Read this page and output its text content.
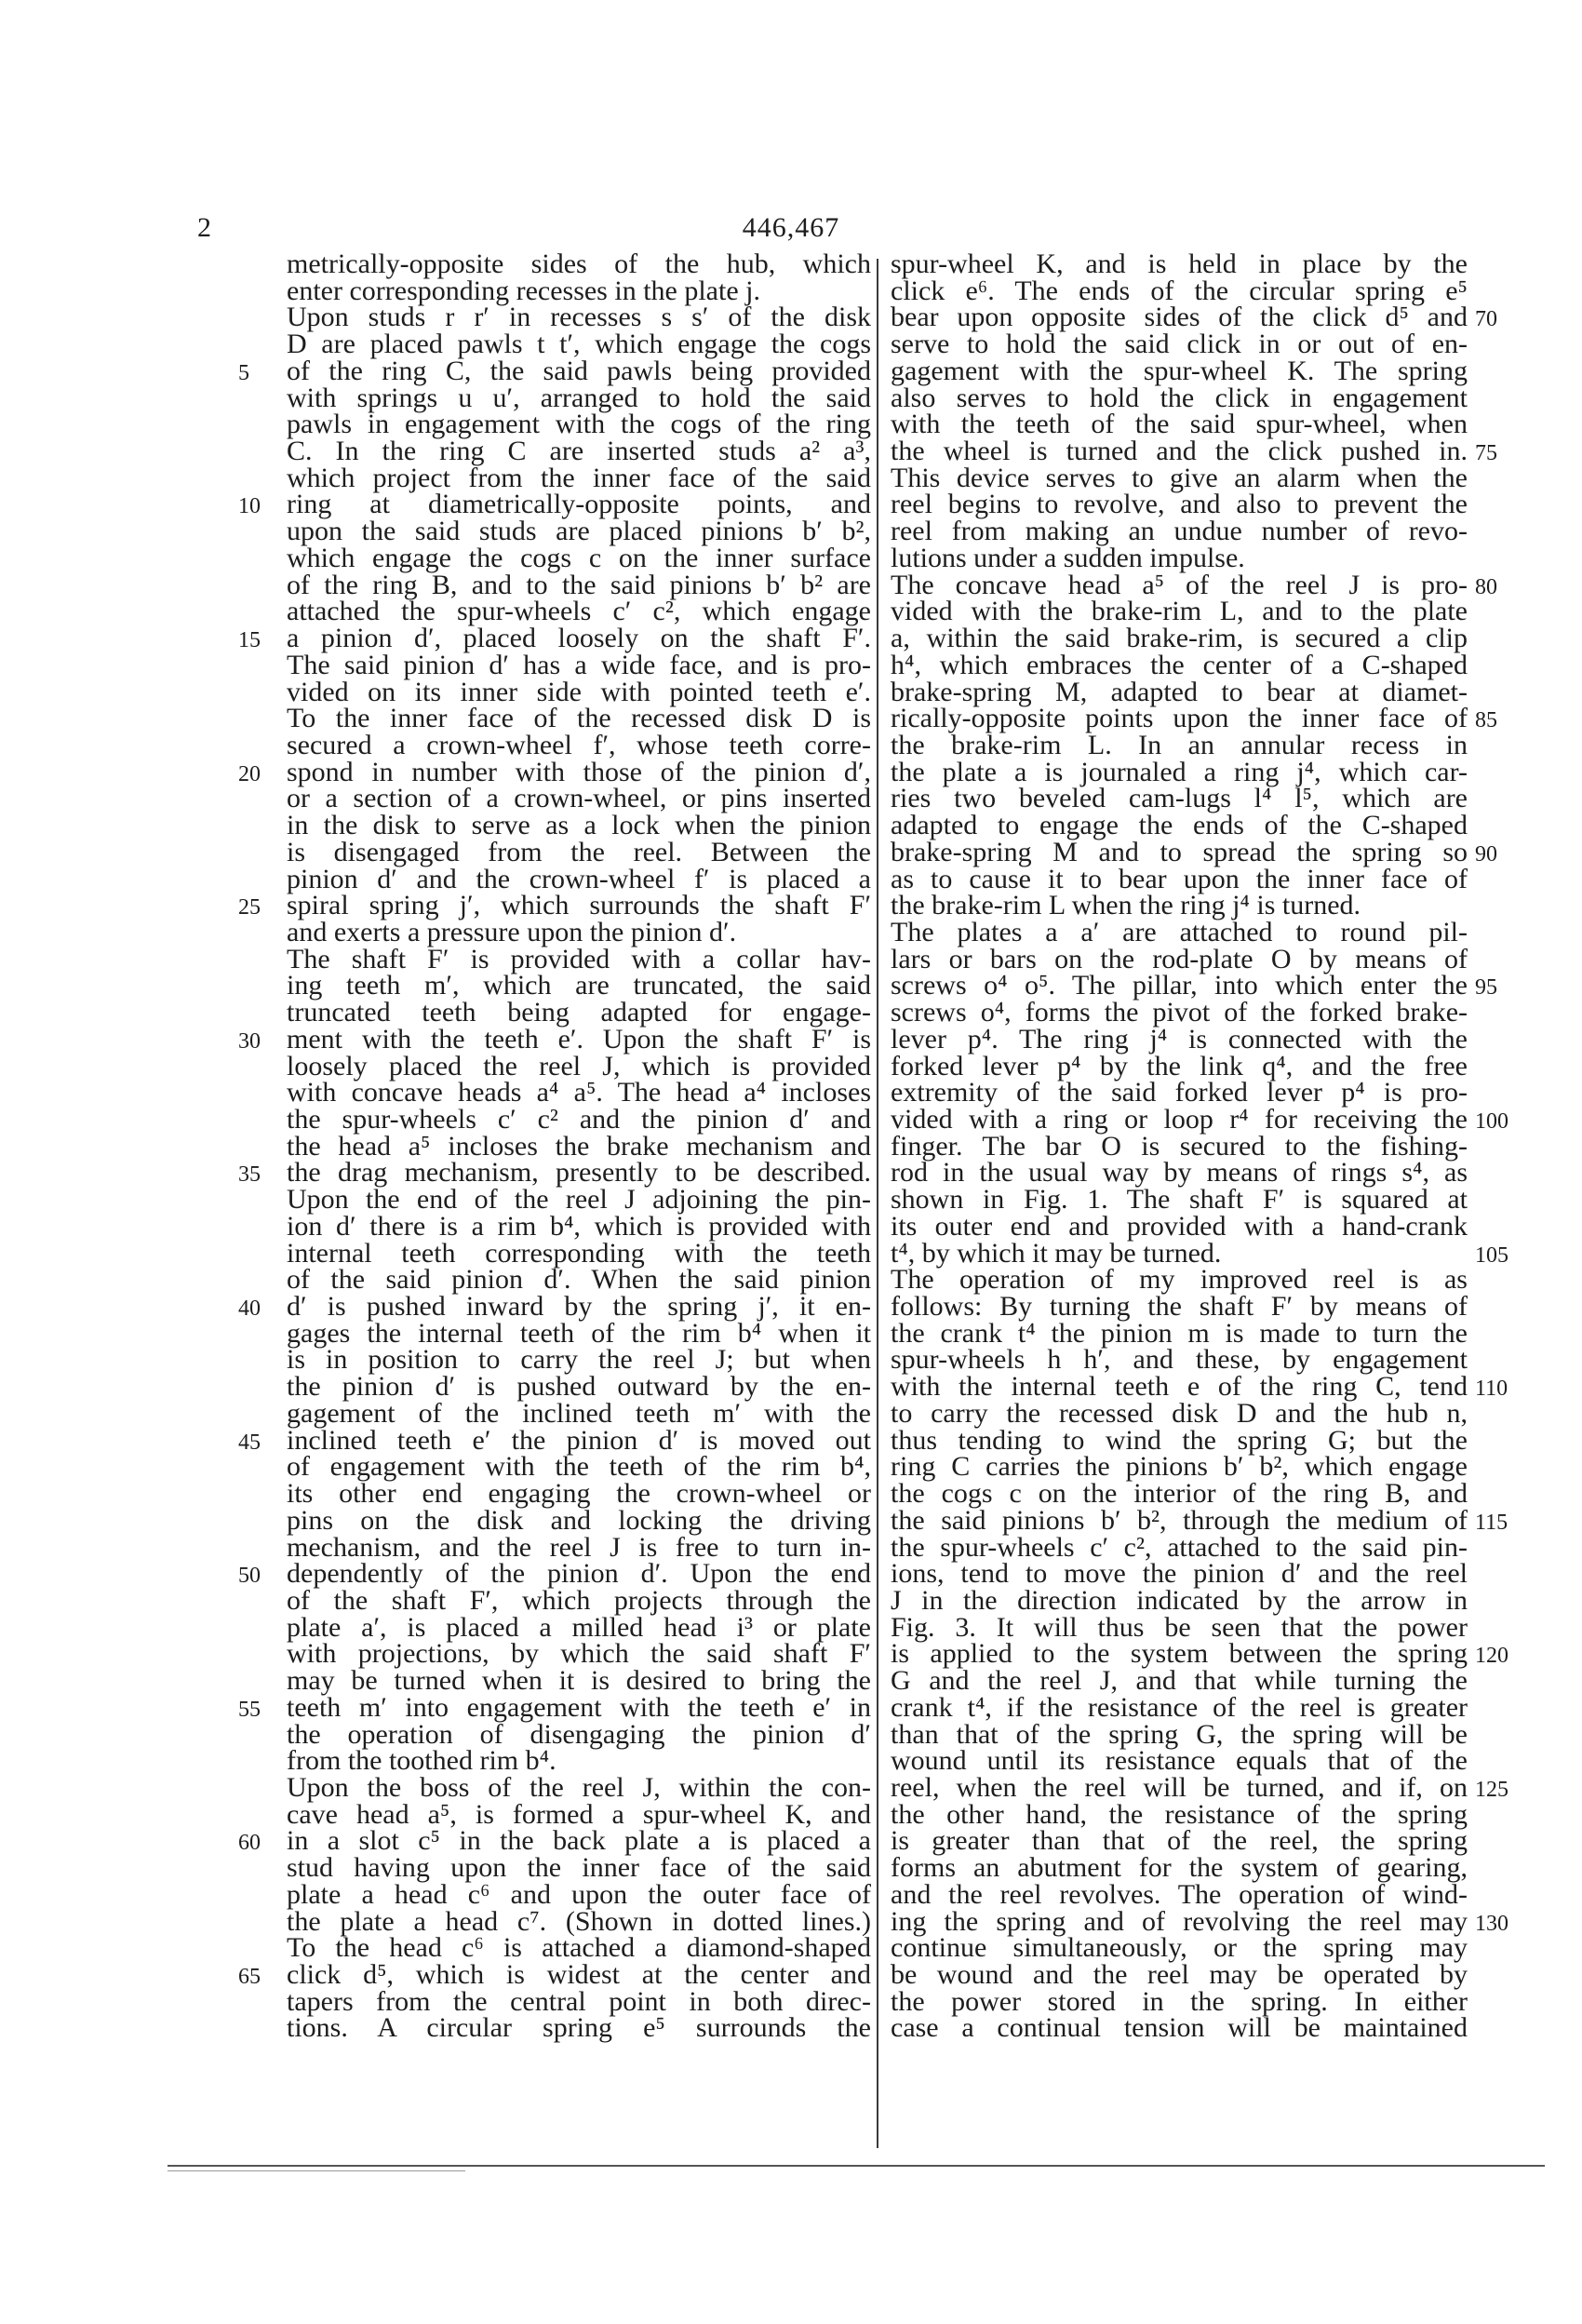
2	446,467
metrically-opposite sides of the hub, which
enter corresponding recesses in the plate j.
Upon studs r r′ in recesses s s′ of the disk
D are placed pawls t t′, which engage the cogs
of the ring C, the said pawls being provided
with springs u u′, arranged to hold the said
pawls in engagement with the cogs of the ring
C. In the ring C are inserted studs a² a³,
which project from the inner face of the said
ring at diametrically-opposite points, and
upon the said studs are placed pinions b′ b²,
which engage the cogs c on the inner surface
of the ring B, and to the said pinions b′ b² are
attached the spur-wheels c′ c², which engage
a pinion d′, placed loosely on the shaft F′.
The said pinion d′ has a wide face, and is pro-
vided on its inner side with pointed teeth e′.
To the inner face of the recessed disk D is
secured a crown-wheel f′, whose teeth corre-
spond in number with those of the pinion d′,
or a section of a crown-wheel, or pins inserted
in the disk to serve as a lock when the pinion
is disengaged from the reel. Between the
pinion d′ and the crown-wheel f′ is placed a
spiral spring j′, which surrounds the shaft F′
and exerts a pressure upon the pinion d′.
The shaft F′ is provided with a collar hav-
ing teeth m′, which are truncated, the said
truncated teeth being adapted for engage-
ment with the teeth e′. Upon the shaft F′ is
loosely placed the reel J, which is provided
with concave heads a⁴ a⁵. The head a⁴ incloses
the spur-wheels c′ c² and the pinion d′ and
the head a⁵ incloses the brake mechanism and
the drag mechanism, presently to be described.
Upon the end of the reel J adjoining the pin-
ion d′ there is a rim b⁴, which is provided with
internal teeth corresponding with the teeth
of the said pinion d′. When the said pinion
d′ is pushed inward by the spring j′, it en-
gages the internal teeth of the rim b⁴ when it
is in position to carry the reel J; but when
the pinion d′ is pushed outward by the en-
gagement of the inclined teeth m′ with the
inclined teeth e′ the pinion d′ is moved out
of engagement with the teeth of the rim b⁴,
its other end engaging the crown-wheel or
pins on the disk and locking the driving
mechanism, and the reel J is free to turn in-
dependently of the pinion d′. Upon the end
of the shaft F′, which projects through the
plate a′, is placed a milled head i³ or plate
with projections, by which the said shaft F′
may be turned when it is desired to bring the
teeth m′ into engagement with the teeth e′ in
the operation of disengaging the pinion d′
from the toothed rim b⁴.
Upon the boss of the reel J, within the con-
cave head a⁵, is formed a spur-wheel K, and
in a slot c⁵ in the back plate a is placed a
stud having upon the inner face of the said
plate a head c⁶ and upon the outer face of
the plate a head c⁷. (Shown in dotted lines.)
To the head c⁶ is attached a diamond-shaped
click d⁵, which is widest at the center and
tapers from the central point in both direc-
tions. A circular spring e⁵ surrounds the
spur-wheel K, and is held in place by the
click e⁶. The ends of the circular spring e⁵
bear upon opposite sides of the click d⁵ and
serve to hold the said click in or out of en-
gagement with the spur-wheel K. The spring
also serves to hold the click in engagement
with the teeth of the said spur-wheel, when
the wheel is turned and the click pushed in.
This device serves to give an alarm when the
reel begins to revolve, and also to prevent the
reel from making an undue number of revo-
lutions under a sudden impulse.
The concave head a⁵ of the reel J is pro-
vided with the brake-rim L, and to the plate
a, within the said brake-rim, is secured a clip
h⁴, which embraces the center of a C-shaped
brake-spring M, adapted to bear at diamet-
rically-opposite points upon the inner face of
the brake-rim L. In an annular recess in
the plate a is journaled a ring j⁴, which car-
ries two beveled cam-lugs l⁴ l⁵, which are
adapted to engage the ends of the C-shaped
brake-spring M and to spread the spring so
as to cause it to bear upon the inner face of
the brake-rim L when the ring j⁴ is turned.
The plates a a′ are attached to round pil-
lars or bars on the rod-plate O by means of
screws o⁴ o⁵. The pillar, into which enter the
screws o⁴, forms the pivot of the forked brake-
lever p⁴. The ring j⁴ is connected with the
forked lever p⁴ by the link q⁴, and the free
extremity of the said forked lever p⁴ is pro-
vided with a ring or loop r⁴ for receiving the
finger. The bar O is secured to the fishing-
rod in the usual way by means of rings s⁴, as
shown in Fig. 1. The shaft F′ is squared at
its outer end and provided with a hand-crank
t⁴, by which it may be turned.
The operation of my improved reel is as
follows: By turning the shaft F′ by means of
the crank t⁴ the pinion m is made to turn the
spur-wheels h h′, and these, by engagement
with the internal teeth e of the ring C, tend
to carry the recessed disk D and the hub n,
thus tending to wind the spring G; but the
ring C carries the pinions b′ b², which engage
the cogs c on the interior of the ring B, and
the said pinions b′ b², through the medium of
the spur-wheels c′ c², attached to the said pin-
ions, tend to move the pinion d′ and the reel
J in the direction indicated by the arrow in
Fig. 3. It will thus be seen that the power
is applied to the system between the spring
G and the reel J, and that while turning the
crank t⁴, if the resistance of the reel is greater
than that of the spring G, the spring will be
wound until its resistance equals that of the
reel, when the reel will be turned, and if, on
the other hand, the resistance of the spring
is greater than that of the reel, the spring
forms an abutment for the system of gearing,
and the reel revolves. The operation of wind-
ing the spring and of revolving the reel may
continue simultaneously, or the spring may
be wound and the reel may be operated by
the power stored in the spring. In either
case a continual tension will be maintained
5
10
15
20
25
30
35
40
45
50
55
60
65
70
75
80
85
90
95
100
105
110
115
120
125
130
